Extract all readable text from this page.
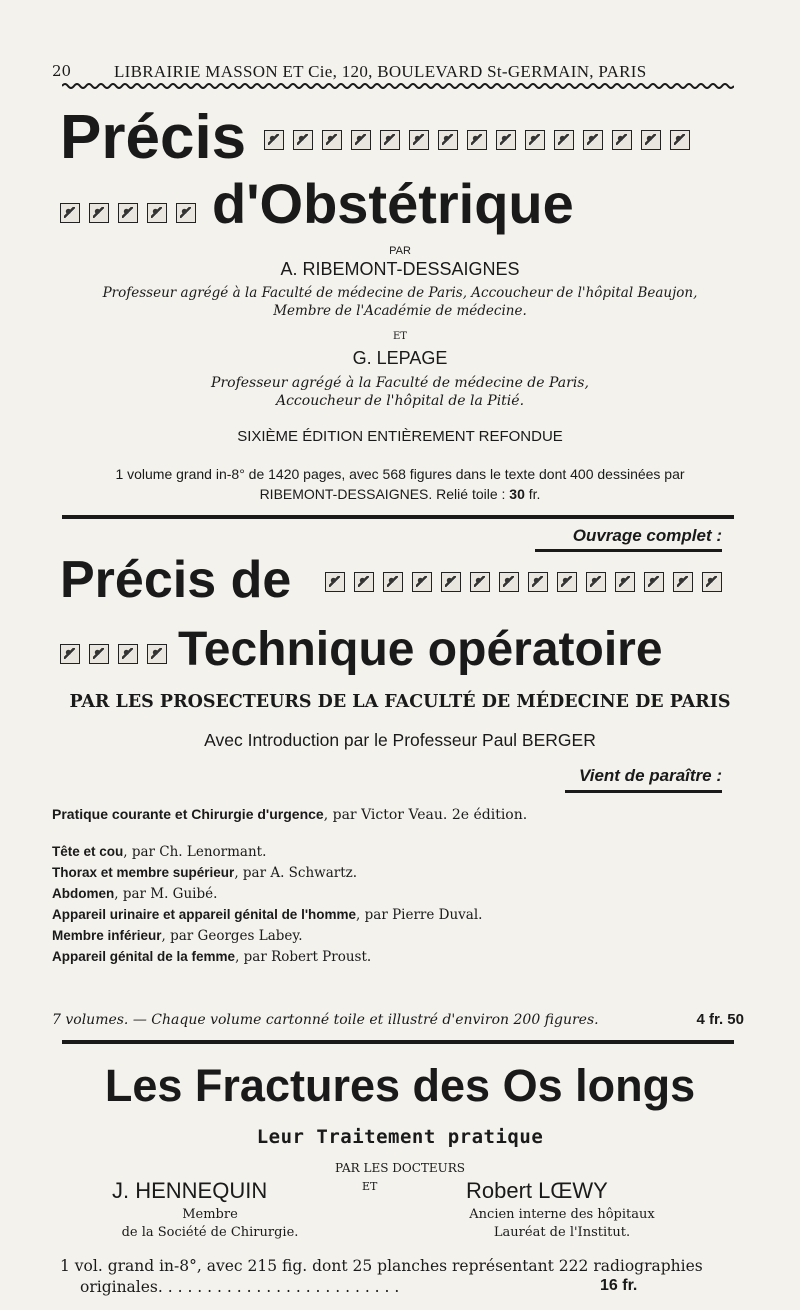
20	LIBRAIRIE MASSON ET Cie, 120, BOULEVARD St-GERMAIN, PARIS
Précis
d'Obstétrique
PAR
A. RIBEMONT-DESSAIGNES
Professeur agrégé à la Faculté de médecine de Paris, Accoucheur de l'hôpital Beaujon,
Membre de l'Académie de médecine.
ET
G. LEPAGE
Professeur agrégé à la Faculté de médecine de Paris,
Accoucheur de l'hôpital de la Pitié.
SIXIÈME ÉDITION ENTIÈREMENT REFONDUE
1 volume grand in-8° de 1420 pages, avec 568 figures dans le texte dont 400 dessinées par
RIBEMONT-DESSAIGNES. Relié toile : 30 fr.
Ouvrage complet :
Précis de
Technique opératoire
PAR LES PROSECTEURS DE LA FACULTÉ DE MÉDECINE DE PARIS
Avec Introduction par le Professeur Paul BERGER
Vient de paraître :
Pratique courante et Chirurgie d'urgence, par Victor Veau. 2e édition.
Tête et cou, par Ch. Lenormant.
Thorax et membre supérieur, par A. Schwartz.
Abdomen, par M. Guibé.
Appareil urinaire et appareil génital de l'homme, par Pierre Duval.
Membre inférieur, par Georges Labey.
Appareil génital de la femme, par Robert Proust.
7 volumes. — Chaque volume cartonné toile et illustré d'environ 200 figures.	4 fr. 50
Les Fractures des Os longs
Leur Traitement pratique
PAR LES DOCTEURS
J. HENNEQUIN	ET	Robert LŒWY
Membre
de la Société de Chirurgie.
Ancien interne des hôpitaux
Lauréat de l'Institut.
1 vol. grand in-8°, avec 215 fig. dont 25 planches représentant 222 radiographies
originales. . . . . . . . . . . . . . . . . . . . . . . . .	16 fr.
